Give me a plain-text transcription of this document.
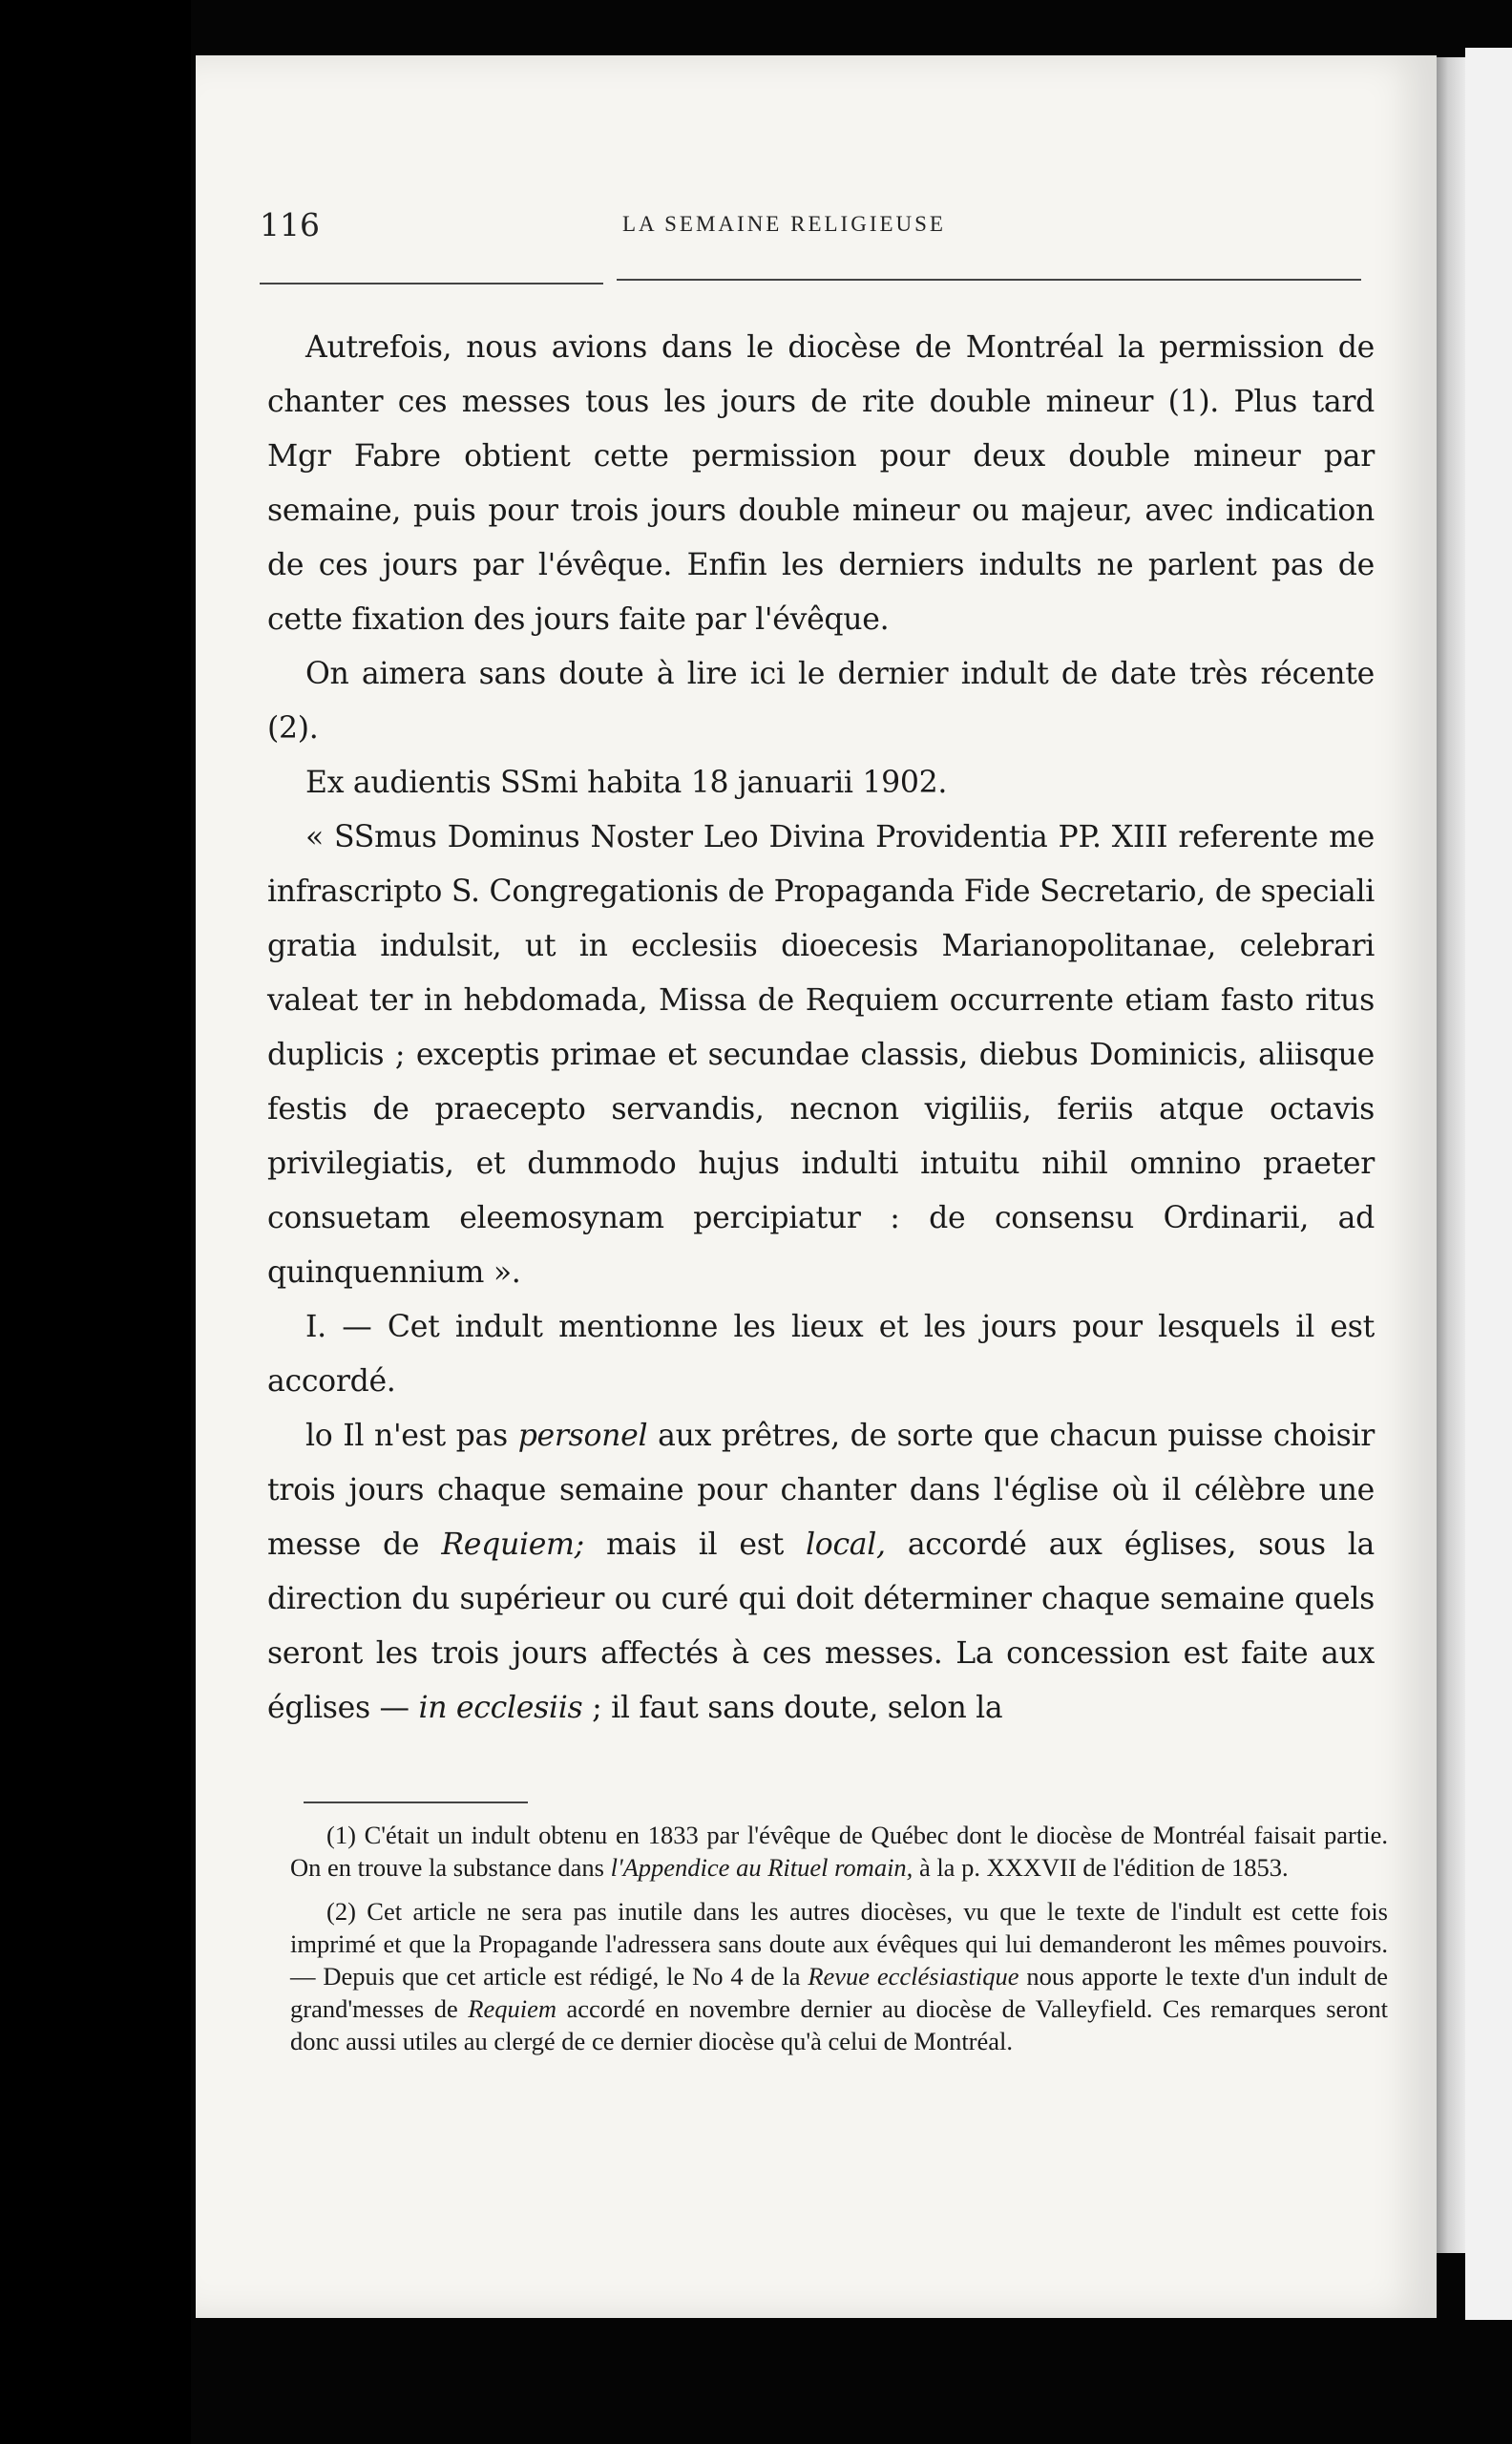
116	LA SEMAINE RELIGIEUSE

Autrefois, nous avions dans le diocèse de Montréal la permission de chanter ces messes tous les jours de rite double mineur (1). Plus tard Mgr Fabre obtient cette permission pour deux double mineur par semaine, puis pour trois jours double mineur ou majeur, avec indication de ces jours par l'évêque. Enfin les derniers indults ne parlent pas de cette fixation des jours faite par l'évêque.

On aimera sans doute à lire ici le dernier indult de date très récente (2).

Ex audientis SSmi habita 18 januarii 1902.

« SSmus Dominus Noster Leo Divina Providentia PP. XIII referente me infrascripto S. Congregationis de Propaganda Fide Secretario, de speciali gratia indulsit, ut in ecclesiis dioecesis Marianopolitanae, celebrari valeat ter in hebdomada, Missa de Requiem occurrente etiam fasto ritus duplicis ; exceptis primae et secundae classis, diebus Dominicis, aliisque festis de praecepto servandis, necnon vigiliis, feriis atque octavis privilegiatis, et dummodo hujus indulti intuitu nihil omnino praeter consuetam eleemosynam percipiatur : de consensu Ordinarii, ad quinquennium ».

I. — Cet indult mentionne les lieux et les jours pour lesquels il est accordé.

lo Il n'est pas personel aux prêtres, de sorte que chacun puisse choisir trois jours chaque semaine pour chanter dans l'église où il célèbre une messe de Requiem; mais il est local, accordé aux églises, sous la direction du supérieur ou curé qui doit déterminer chaque semaine quels seront les trois jours affectés à ces messes. La concession est faite aux églises — in ecclesiis ; il faut sans doute, selon la

(1) C'était un indult obtenu en 1833 par l'évêque de Québec dont le diocèse de Montréal faisait partie. On en trouve la substance dans l'Appendice au Rituel romain, à la p. XXXVII de l'édition de 1853.

(2) Cet article ne sera pas inutile dans les autres diocèses, vu que le texte de l'indult est cette fois imprimé et que la Propagande l'adressera sans doute aux évêques qui lui demanderont les mêmes pouvoirs. — Depuis que cet article est rédigé, le No 4 de la Revue ecclésiastique nous apporte le texte d'un indult de grand'messes de Requiem accordé en novembre dernier au diocèse de Valleyfield. Ces remarques seront donc aussi utiles au clergé de ce dernier diocèse qu'à celui de Montréal.
